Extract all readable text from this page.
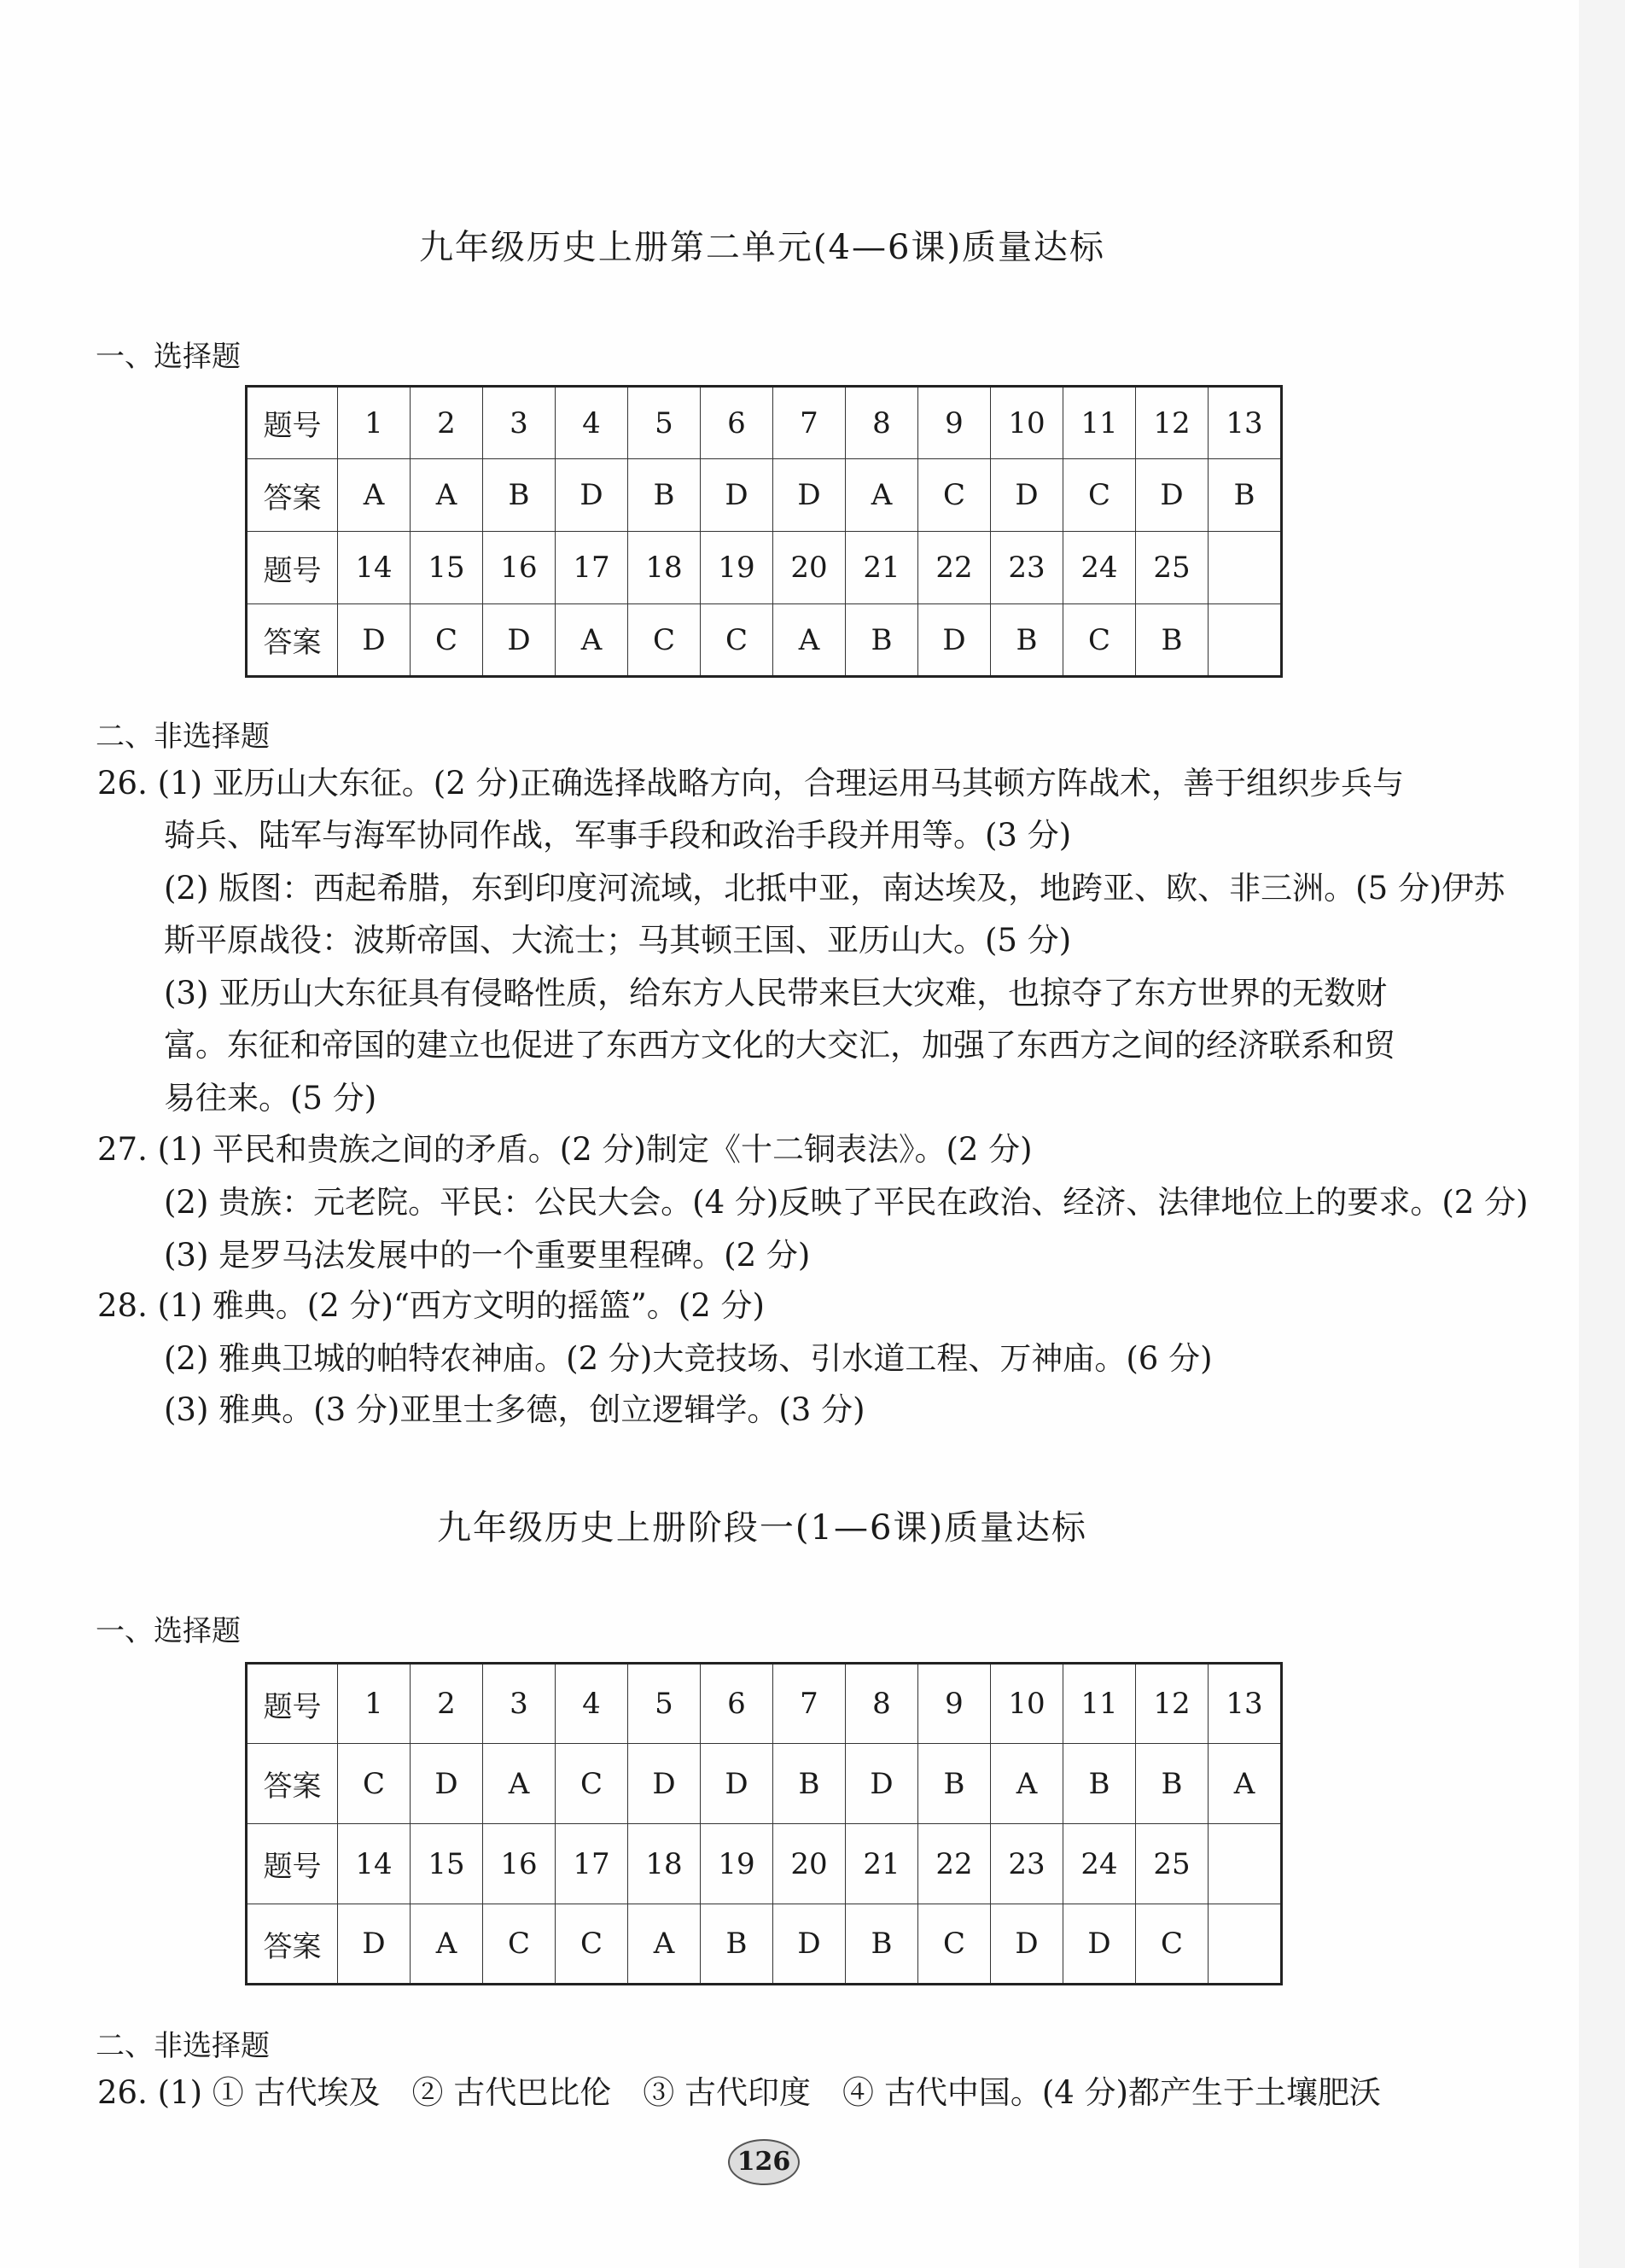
九年级历史上册第二单元(4—6课)质量达标
一、选择题
题号	1	2	3	4	5	6	7	8	9	10	11	12	13
答案	A	A	B	D	B	D	D	A	C	D	C	D	B
题号	14	15	16	17	18	19	20	21	22	23	24	25	
答案	D	C	D	A	C	C	A	B	D	B	C	B	
二、非选择题
26. (1) 亚历山大东征。(2 分)正确选择战略方向，合理运用马其顿方阵战术，善于组织步兵与
骑兵、陆军与海军协同作战，军事手段和政治手段并用等。(3 分)
(2) 版图：西起希腊，东到印度河流域，北抵中亚，南达埃及，地跨亚、欧、非三洲。(5 分)伊苏
斯平原战役：波斯帝国、大流士；马其顿王国、亚历山大。(5 分)
(3) 亚历山大东征具有侵略性质，给东方人民带来巨大灾难，也掠夺了东方世界的无数财
富。东征和帝国的建立也促进了东西方文化的大交汇，加强了东西方之间的经济联系和贸
易往来。(5 分)
27. (1) 平民和贵族之间的矛盾。(2 分)制定《十二铜表法》。(2 分)
(2) 贵族：元老院。平民：公民大会。(4 分)反映了平民在政治、经济、法律地位上的要求。(2 分)
(3) 是罗马法发展中的一个重要里程碑。(2 分)
28. (1) 雅典。(2 分)“西方文明的摇篮”。(2 分)
(2) 雅典卫城的帕特农神庙。(2 分)大竞技场、引水道工程、万神庙。(6 分)
(3) 雅典。(3 分)亚里士多德，创立逻辑学。(3 分)
九年级历史上册阶段一(1—6课)质量达标
一、选择题
题号	1	2	3	4	5	6	7	8	9	10	11	12	13
答案	C	D	A	C	D	D	B	D	B	A	B	B	A
题号	14	15	16	17	18	19	20	21	22	23	24	25	
答案	D	A	C	C	A	B	D	B	C	D	D	C	
二、非选择题
26. (1) ① 古代埃及　② 古代巴比伦　③ 古代印度　④ 古代中国。(4 分)都产生于土壤肥沃
126
